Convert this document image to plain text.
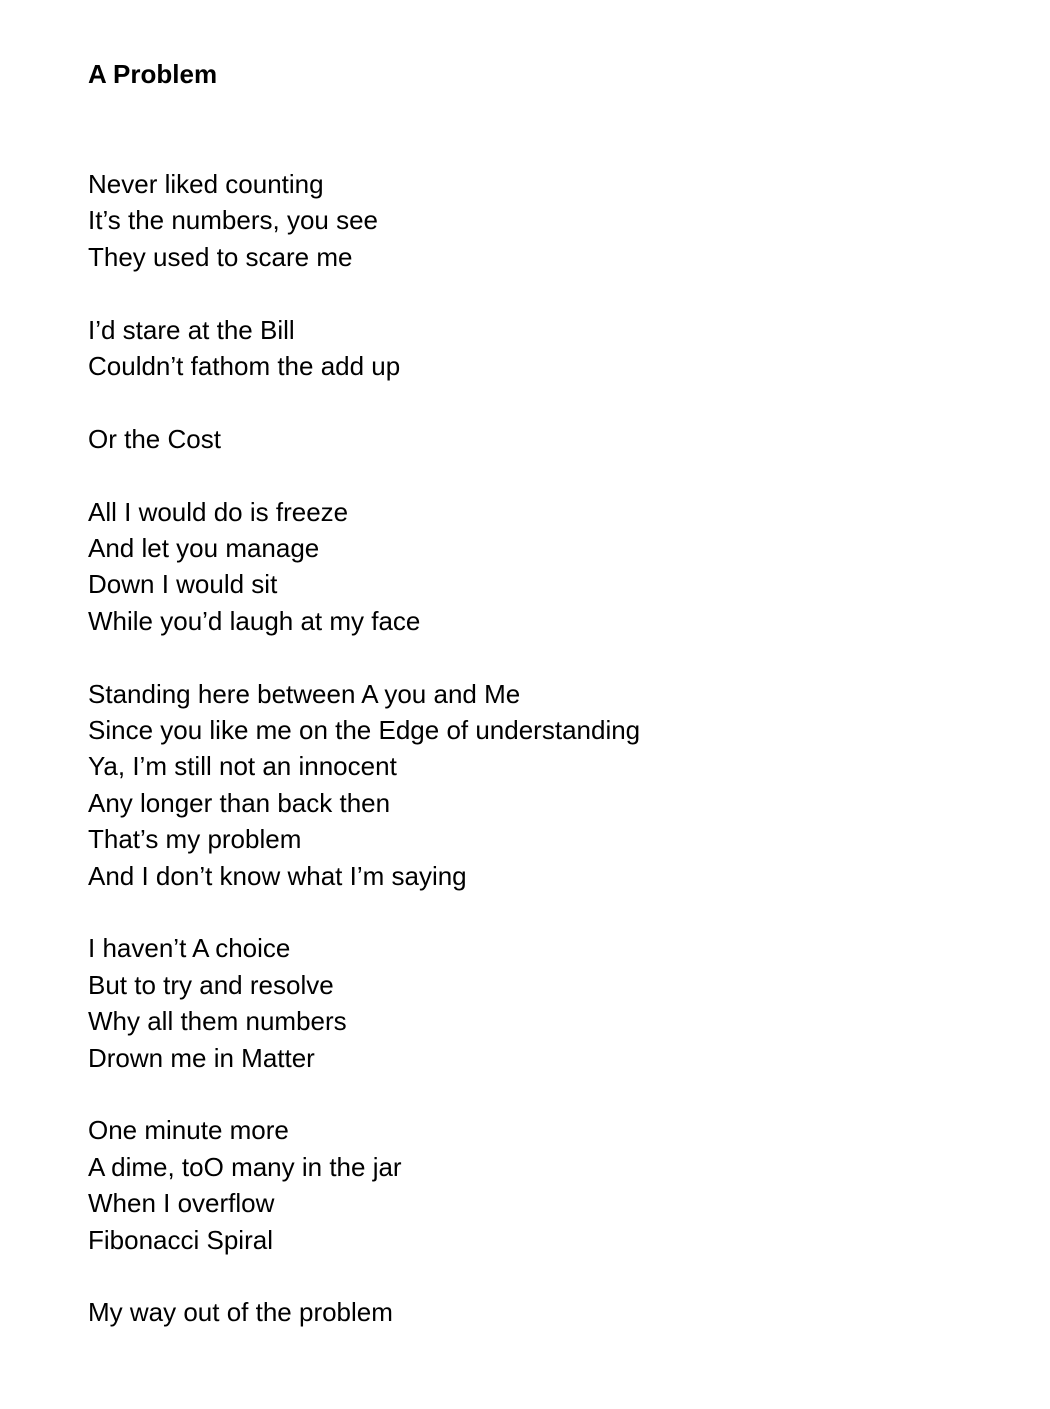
A Problem
Never liked counting
It’s the numbers, you see
They used to scare me
I’d stare at the Bill
Couldn’t fathom the add up
Or the Cost
All I would do is freeze
And let you manage
Down I would sit
While you’d laugh at my face
Standing here between A you and Me
Since you like me on the Edge of understanding
Ya, I’m still not an innocent
Any longer than back then
That’s my problem
And I don’t know what I’m saying
I haven’t A choice
But to try and resolve
Why all them numbers
Drown me in Matter
One minute more
A dime, toO many in the jar
When I overflow
Fibonacci Spiral
My way out of the problem
